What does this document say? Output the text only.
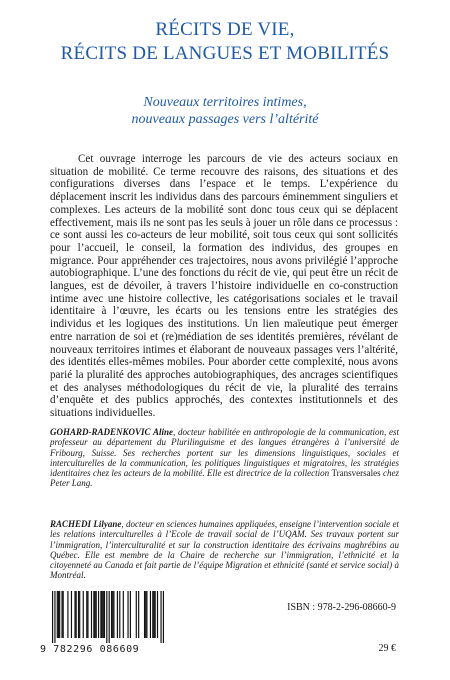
RÉCITS DE VIE,
RÉCITS DE LANGUES ET MOBILITÉS
Nouveaux territoires intimes,
nouveaux passages vers l’altérité

Cet ouvrage interroge les parcours de vie des acteurs sociaux en situation de mobilité. Ce terme recouvre des raisons, des situations et des configurations diverses dans l’espace et le temps. L’expérience du déplacement inscrit les individus dans des parcours éminemment singuliers et complexes. Les acteurs de la mobilité sont donc tous ceux qui se déplacent effectivement, mais ils ne sont pas les seuls à jouer un rôle dans ce processus : ce sont aussi les co-acteurs de leur mobilité, soit tous ceux qui sont sollicités pour l’accueil, le conseil, la formation des individus, des groupes en migrance. Pour appréhender ces trajectoires, nous avons privilégié l’approche autobiographique. L’une des fonctions du récit de vie, qui peut être un récit de langues, est de dévoiler, à travers l’histoire individuelle en co-construction intime avec une histoire collective, les catégorisations sociales et le travail identitaire à l’œuvre, les écarts ou les tensions entre les stratégies des individus et les logiques des institutions. Un lien maïeutique peut émerger entre narration de soi et (re)médiation de ses identités premières, révélant de nouveaux territoires intimes et élaborant de nouveaux passages vers l’altérité, des identités elles-mêmes mobiles. Pour aborder cette complexité, nous avons parié la pluralité des approches autobiographiques, des ancrages scientifiques et des analyses méthodologiques du récit de vie, la pluralité des terrains d’enquête et des publics approchés, des contextes institutionnels et des situations individuelles.

GOHARD-RADENKOVIC Aline, docteur habilitée en anthropologie de la communication, est professeur au département du Plurilinguisme et des langues étrangères à l’université de Fribourg, Suisse. Ses recherches portent sur les dimensions linguistiques, sociales et interculturelles de la communication, les politiques linguistiques et migratoires, les stratégies identitaires chez les acteurs de la mobilité. Elle est directrice de la collection Transversales chez Peter Lang.

RACHEDI Lilyane, docteur en sciences humaines appliquées, enseigne l’intervention sociale et les relations interculturelles à l’Ecole de travail social de l’UQAM. Ses travaux portent sur l’immigration, l’interculturalité et sur la construction identitaire des écrivains maghrébins au Québec. Elle est membre de la Chaire de recherche sur l’immigration, l’ethnicité et la citoyenneté au Canada et fait partie de l’équipe Migration et ethnicité (santé et service social) à Montréal.

9 782296 086609
ISBN : 978-2-296-08660-9
29 €
